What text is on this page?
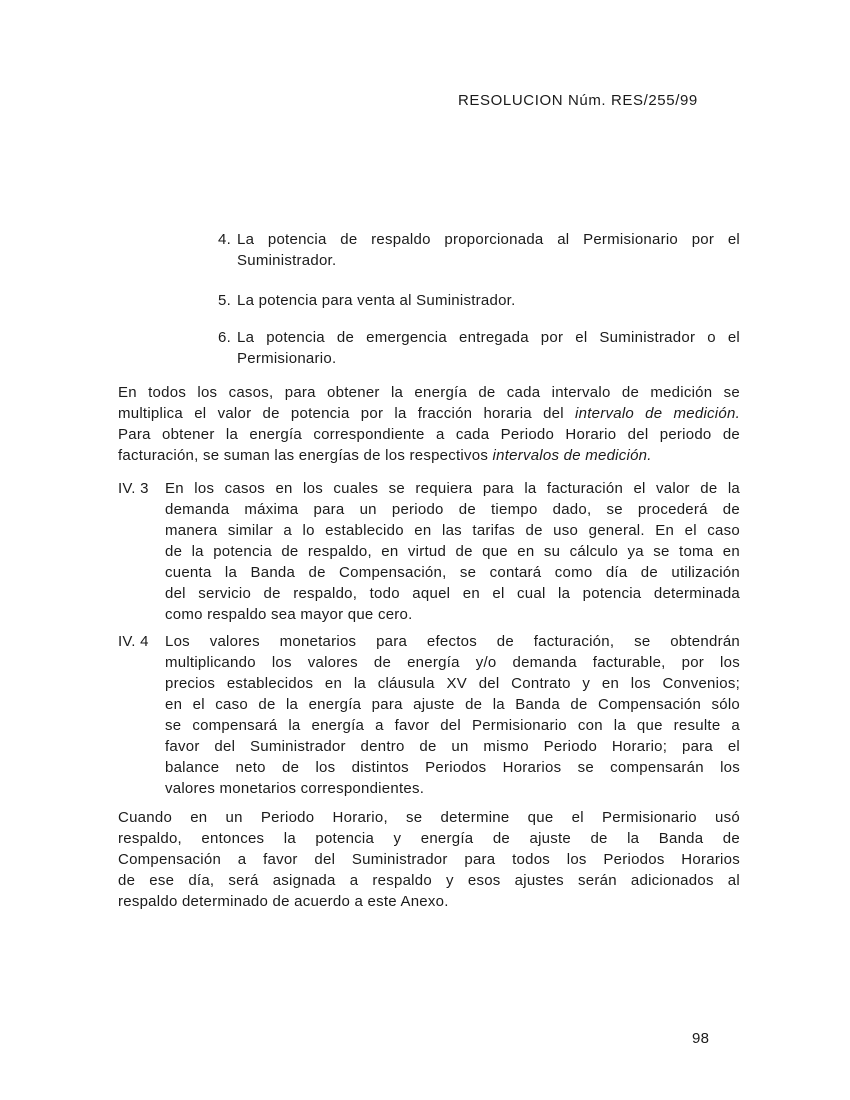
RESOLUCION Núm. RES/255/99
4. La potencia de respaldo proporcionada al Permisionario por el
Suministrador.
5. La potencia para venta al Suministrador.
6. La potencia de emergencia entregada por el Suministrador o el
Permisionario.
En todos los casos, para obtener la energía de cada intervalo de medición se
multiplica el valor de potencia por la fracción horaria del intervalo de medición.
Para obtener la energía correspondiente a cada Periodo Horario del periodo de
facturación, se suman las energías de los respectivos intervalos de medición.
IV. 3 En los casos en los cuales se requiera para la facturación el valor de la
demanda máxima para un periodo de tiempo dado, se procederá de
manera similar a lo establecido en las tarifas de uso general. En el caso
de la potencia de respaldo, en virtud de que en su cálculo ya se toma en
cuenta la Banda de Compensación, se contará como día de utilización
del servicio de respaldo, todo aquel en el cual la potencia determinada
como respaldo sea mayor que cero.
IV. 4 Los valores monetarios para efectos de facturación, se obtendrán
multiplicando los valores de energía y/o demanda facturable, por los
precios establecidos en la cláusula XV del Contrato y en los Convenios;
en el caso de la energía para ajuste de la Banda de Compensación sólo
se compensará la energía a favor del Permisionario con la que resulte a
favor del Suministrador dentro de un mismo Periodo Horario; para el
balance neto de los distintos Periodos Horarios se compensarán los
valores monetarios correspondientes.
Cuando en un Periodo Horario, se determine que el Permisionario usó
respaldo, entonces la potencia y energía de ajuste de la Banda de
Compensación a favor del Suministrador para todos los Periodos Horarios
de ese día, será asignada a respaldo y esos ajustes serán adicionados al
respaldo determinado de acuerdo a este Anexo.
98
